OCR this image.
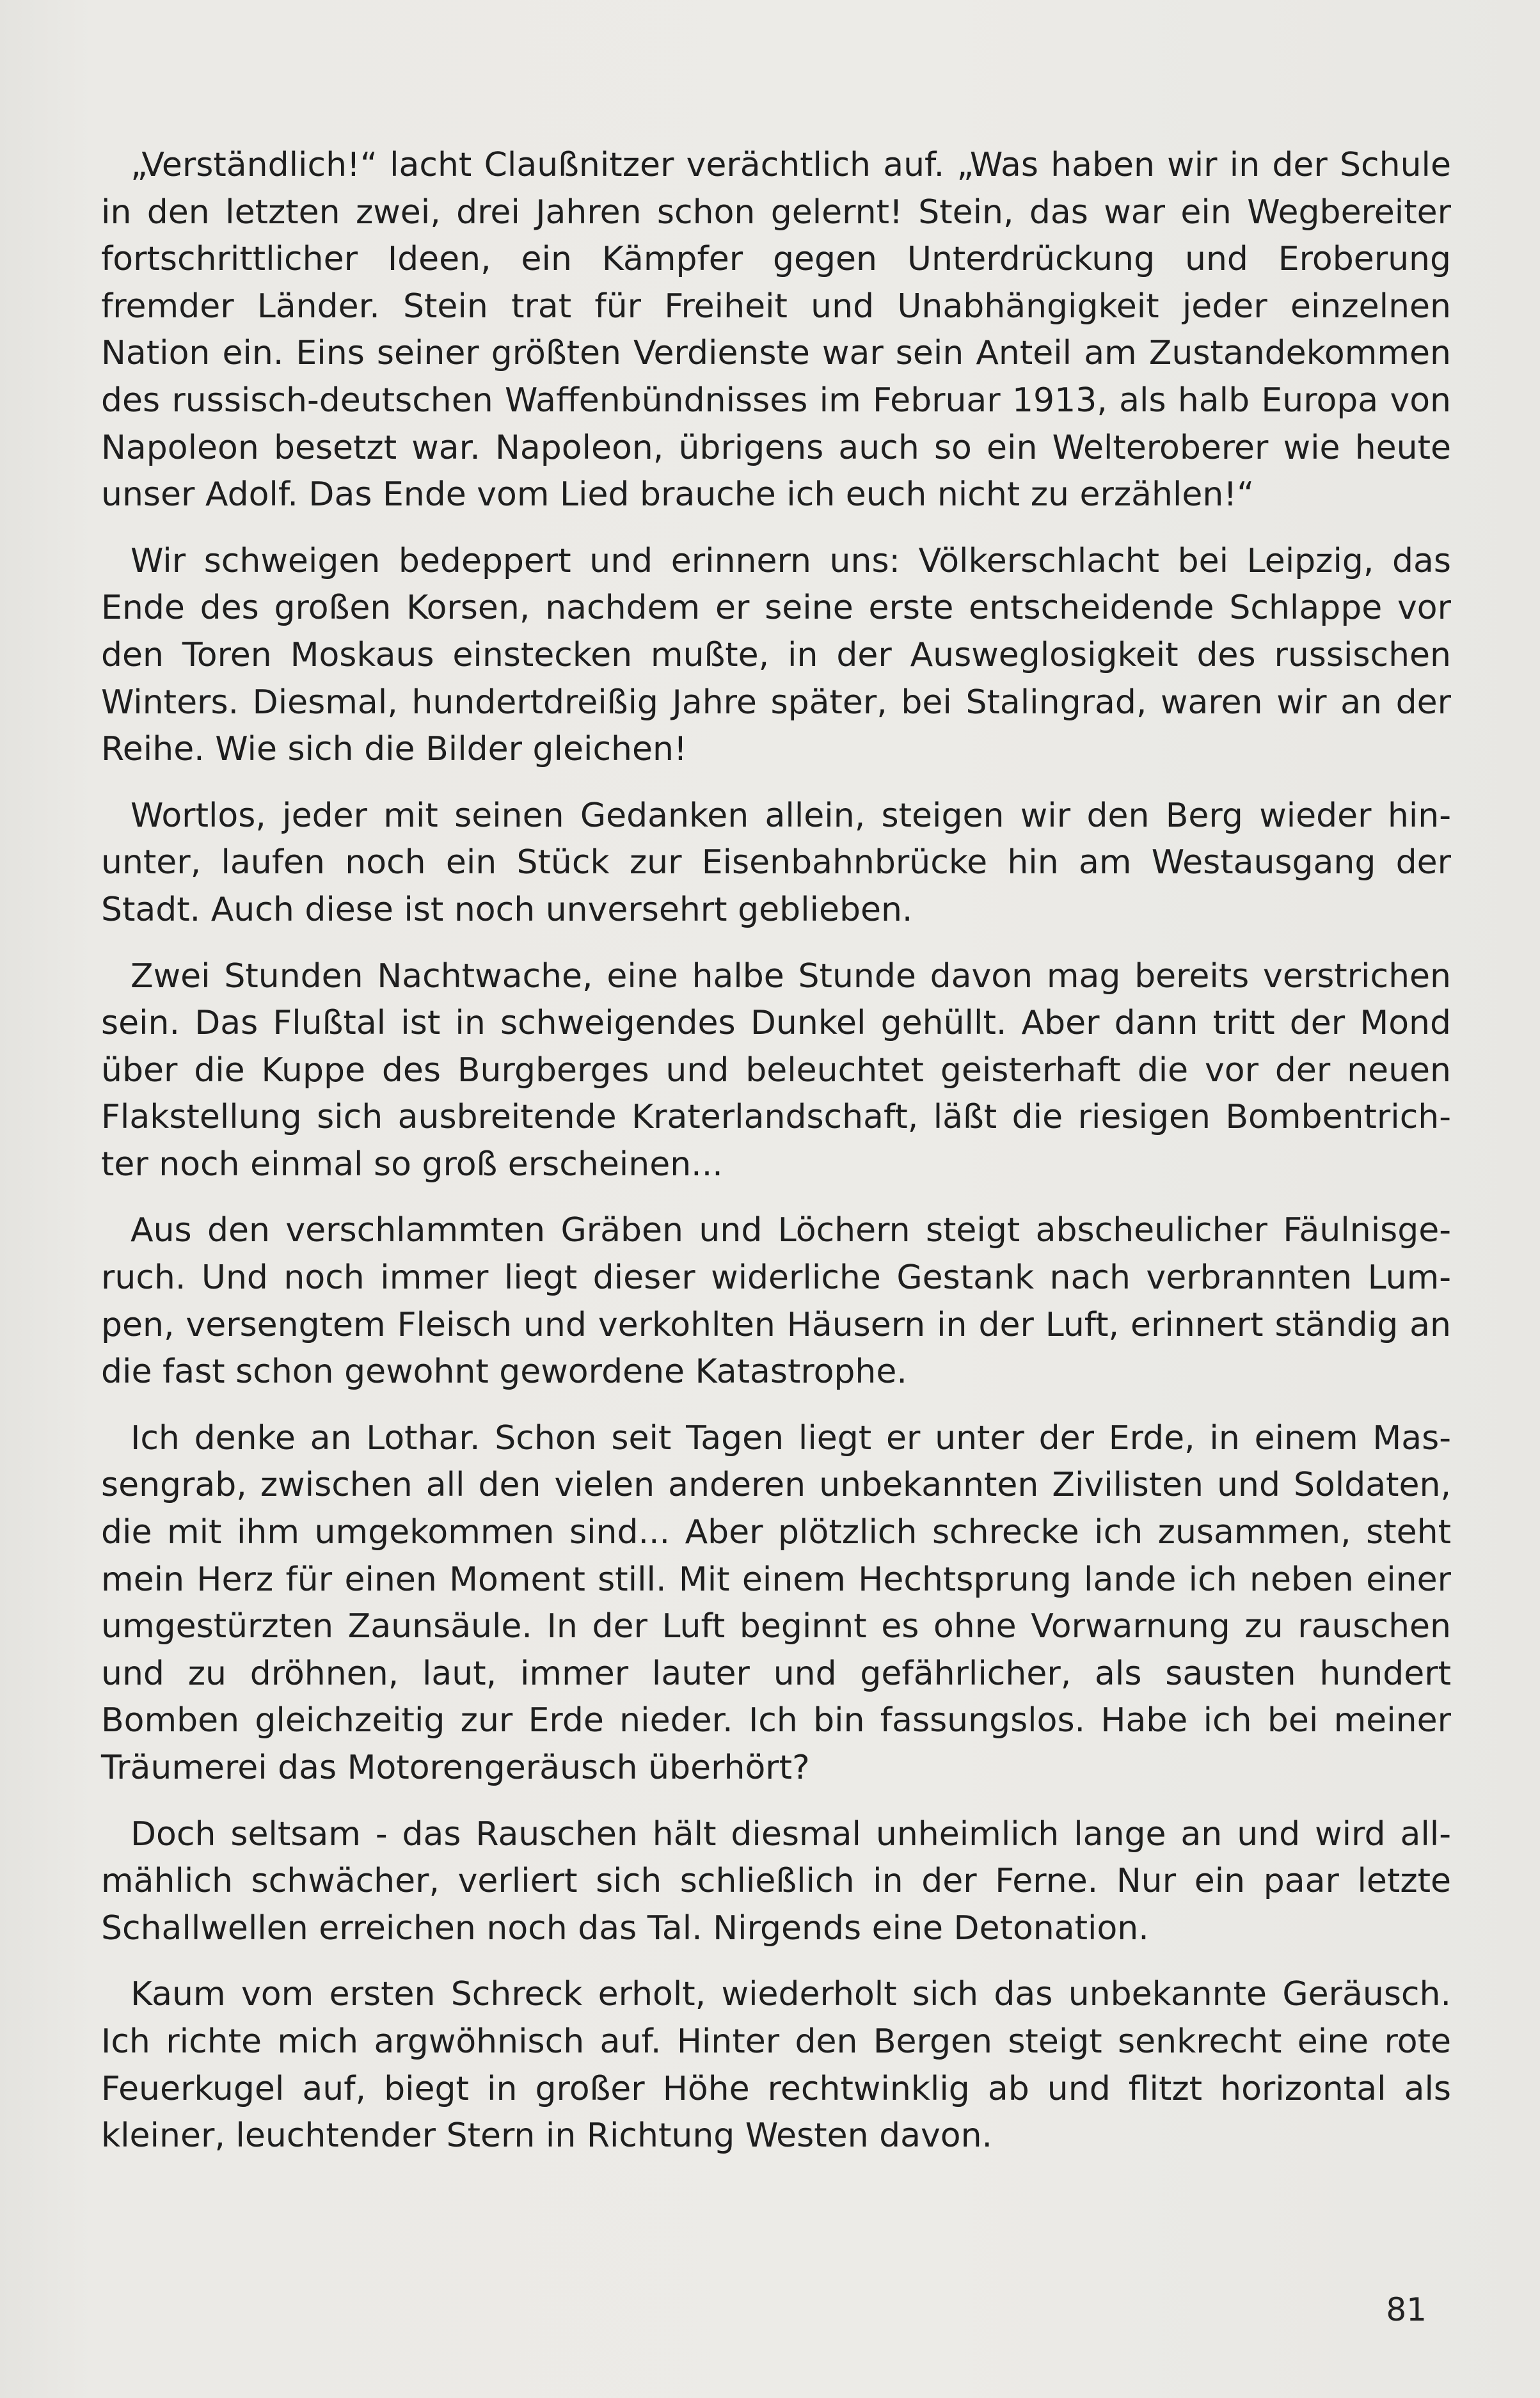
„Verständlich!“ lacht Claußnitzer verächtlich auf. „Was haben wir in der Schule in den letzten zwei, drei Jahren schon gelernt! Stein, das war ein Wegbereiter fortschrittlicher Ideen, ein Kämpfer gegen Unterdrückung und Eroberung fremder Länder. Stein trat für Freiheit und Unabhängigkeit jeder einzelnen Nation ein. Eins seiner größten Verdienste war sein Anteil am Zustandekommen des russisch-deutschen Waffenbündnisses im Februar 1913, als halb Europa von Napoleon besetzt war. Napoleon, übrigens auch so ein Welteroberer wie heute unser Adolf. Das Ende vom Lied brauche ich euch nicht zu erzählen!“

Wir schweigen bedeppert und erinnern uns: Völkerschlacht bei Leipzig, das Ende des großen Korsen, nachdem er seine erste entscheidende Schlappe vor den Toren Moskaus einstecken mußte, in der Ausweglosigkeit des russischen Winters. Diesmal, hundertdreißig Jahre später, bei Stalingrad, waren wir an der Reihe. Wie sich die Bilder gleichen!

Wortlos, jeder mit seinen Gedanken allein, steigen wir den Berg wieder hinunter, laufen noch ein Stück zur Eisenbahnbrücke hin am Westausgang der Stadt. Auch diese ist noch unversehrt geblieben.

Zwei Stunden Nachtwache, eine halbe Stunde davon mag bereits verstrichen sein. Das Flußtal ist in schweigendes Dunkel gehüllt. Aber dann tritt der Mond über die Kuppe des Burgberges und beleuchtet geisterhaft die vor der neuen Flakstellung sich ausbreitende Kraterlandschaft, läßt die riesigen Bombentrichter noch einmal so groß erscheinen...

Aus den verschlammten Gräben und Löchern steigt abscheulicher Fäulnisgeruch. Und noch immer liegt dieser widerliche Gestank nach verbrannten Lumpen, versengtem Fleisch und verkohlten Häusern in der Luft, erinnert ständig an die fast schon gewohnt gewordene Katastrophe.

Ich denke an Lothar. Schon seit Tagen liegt er unter der Erde, in einem Massengrab, zwischen all den vielen anderen unbekannten Zivilisten und Soldaten, die mit ihm umgekommen sind... Aber plötzlich schrecke ich zusammen, steht mein Herz für einen Moment still. Mit einem Hechtsprung lande ich neben einer umgestürzten Zaunsäule. In der Luft beginnt es ohne Vorwarnung zu rauschen und zu dröhnen, laut, immer lauter und gefährlicher, als sausten hundert Bomben gleichzeitig zur Erde nieder. Ich bin fassungslos. Habe ich bei meiner Träumerei das Motorengeräusch überhört?

Doch seltsam - das Rauschen hält diesmal unheimlich lange an und wird allmählich schwächer, verliert sich schließlich in der Ferne. Nur ein paar letzte Schallwellen erreichen noch das Tal. Nirgends eine Detonation.

Kaum vom ersten Schreck erholt, wiederholt sich das unbekannte Geräusch. Ich richte mich argwöhnisch auf. Hinter den Bergen steigt senkrecht eine rote Feuerkugel auf, biegt in großer Höhe rechtwinklig ab und flitzt horizontal als kleiner, leuchtender Stern in Richtung Westen davon.

81
